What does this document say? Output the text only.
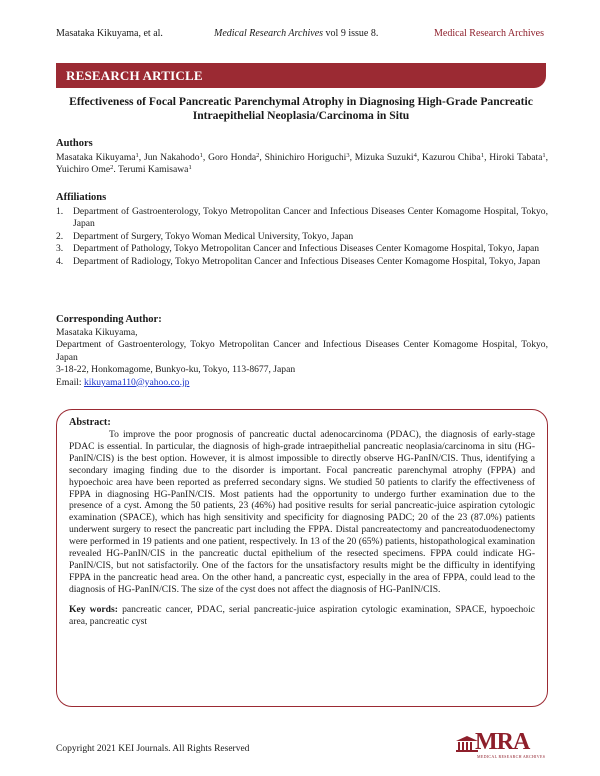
Masataka Kikuyama, et al.	Medical Research Archives vol 9 issue 8.	Medical Research Archives
RESEARCH ARTICLE
Effectiveness of Focal Pancreatic Parenchymal Atrophy in Diagnosing High-Grade Pancreatic Intraepithelial Neoplasia/Carcinoma in Situ
Authors
Masataka Kikuyama$^1$, Jun Nakahodo$^1$, Goro Honda$^2$, Shinichiro Horiguchi$^3$, Mizuka Suzuki$^4$, Kazurou Chiba$^1$, Hiroki Tabata$^1$, Yuichiro Ome$^2$. Terumi Kamisawa$^1$
Affiliations
1. Department of Gastroenterology, Tokyo Metropolitan Cancer and Infectious Diseases Center Komagome Hospital, Tokyo, Japan
2. Department of Surgery, Tokyo Woman Medical University, Tokyo, Japan
3. Department of Pathology, Tokyo Metropolitan Cancer and Infectious Diseases Center Komagome Hospital, Tokyo, Japan
4. Department of Radiology, Tokyo Metropolitan Cancer and Infectious Diseases Center Komagome Hospital, Tokyo, Japan
Corresponding Author:
Masataka Kikuyama,
Department of Gastroenterology, Tokyo Metropolitan Cancer and Infectious Diseases Center Komagome Hospital, Tokyo, Japan
3-18-22, Honkomagome, Bunkyo-ku, Tokyo, 113-8677, Japan
Email: kikuyama110@yahoo.co.jp
Abstract:

To improve the poor prognosis of pancreatic ductal adenocarcinoma (PDAC), the diagnosis of early-stage PDAC is essential. In particular, the diagnosis of high-grade intraepithelial pancreatic neoplasia/carcinoma in situ (HG-PanIN/CIS) is the best option. However, it is almost impossible to directly observe HG-PanIN/CIS. Thus, identifying a secondary imaging finding due to the disorder is important. Focal pancreatic parenchymal atrophy (FPPA) and hypoechoic area have been reported as preferred secondary signs. We studied 50 patients to clarify the effectiveness of FPPA in diagnosing HG-PanIN/CIS. Most patients had the opportunity to undergo further examination due to the presence of a cyst. Among the 50 patients, 23 (46%) had positive results for serial pancreatic-juice aspiration cytologic examination (SPACE), which has high sensitivity and specificity for diagnosing PADC; 20 of the 23 (87.0%) patients underwent surgery to resect the pancreatic part including the FPPA. Distal pancreatectomy and pancreatoduodenectomy were performed in 19 patients and one patient, respectively. In 13 of the 20 (65%) patients, histopathological examination revealed HG-PanIN/CIS in the pancreatic ductal epithelium of the resected specimens. FPPA could indicate HG-PanIN/CIS, but not satisfactorily. One of the factors for the unsatisfactory results might be the difficulty in identifying FPPA in the pancreatic head area. On the other hand, a pancreatic cyst, especially in the area of FPPA, could lead to the diagnosis of HG-PanIN/CIS. The size of the cyst does not affect the diagnosis of HG-PanIN/CIS.

Key words: pancreatic cancer, PDAC, serial pancreatic-juice aspiration cytologic examination, SPACE, hypoechoic area, pancreatic cyst
Copyright 2021 KEI Journals. All Rights Reserved	MRA
MEDICAL RESEARCH ARCHIVES
